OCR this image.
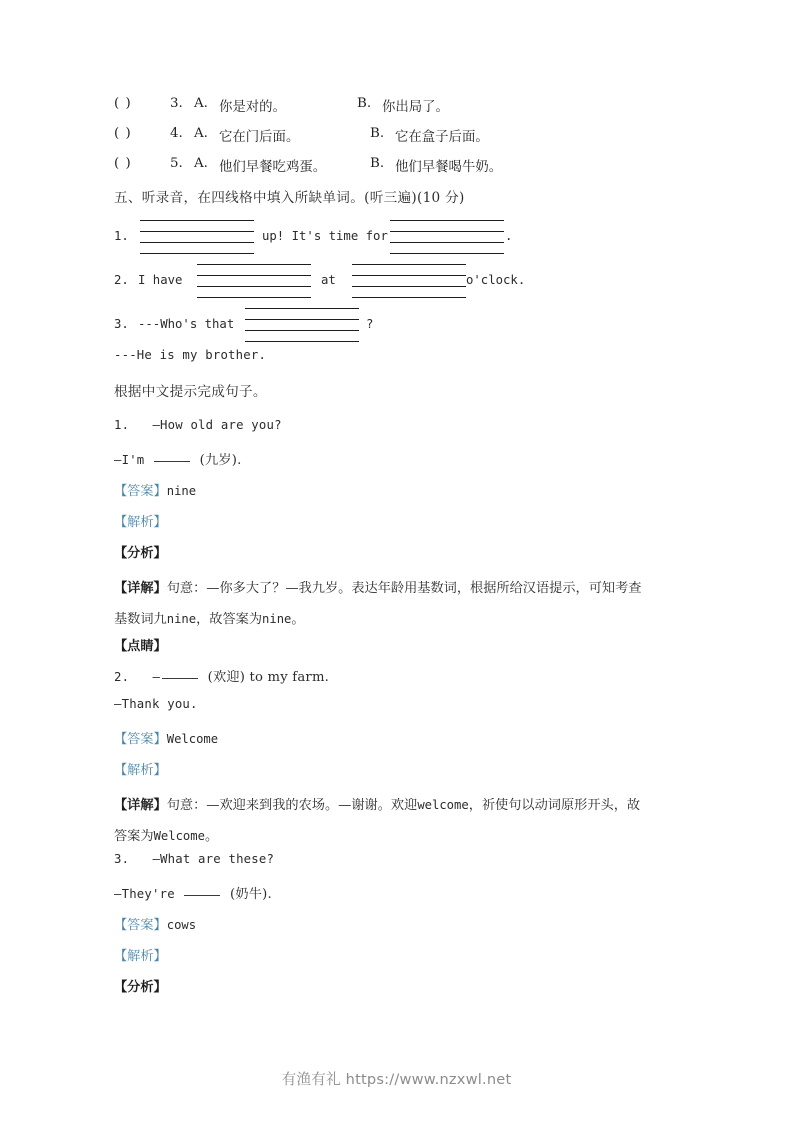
( )	3. A. 你是对的。	B. 你出局了。
( )	4. A. 它在门后面。	B. 它在盒子后面。
( )	5. A. 他们早餐吃鸡蛋。	B. 他们早餐喝牛奶。
五、听录音，在四线格中填入所缺单词。(听三遍)(10 分)
1.	up! It's time for	.
2. I have	at	o'clock.
3. ---Who's that	?
---He is my brother.
根据中文提示完成句子。
1. —How old are you?
—I'm	(九岁).
【答案】nine
【解析】
【分析】
【详解】句意：—你多大了？—我九岁。表达年龄用基数词，根据所给汉语提示，可知考查
基数词九nine，故答案为nine。
【点睛】
2. —	(欢迎) to my farm.
—Thank you.
【答案】Welcome
【解析】
【详解】句意：—欢迎来到我的农场。—谢谢。欢迎welcome，祈使句以动词原形开头，故
答案为Welcome。
3. —What are these?
—They're	(奶牛).
【答案】cows
【解析】
【分析】
有渔有礼 https://www.nzxwl.net
